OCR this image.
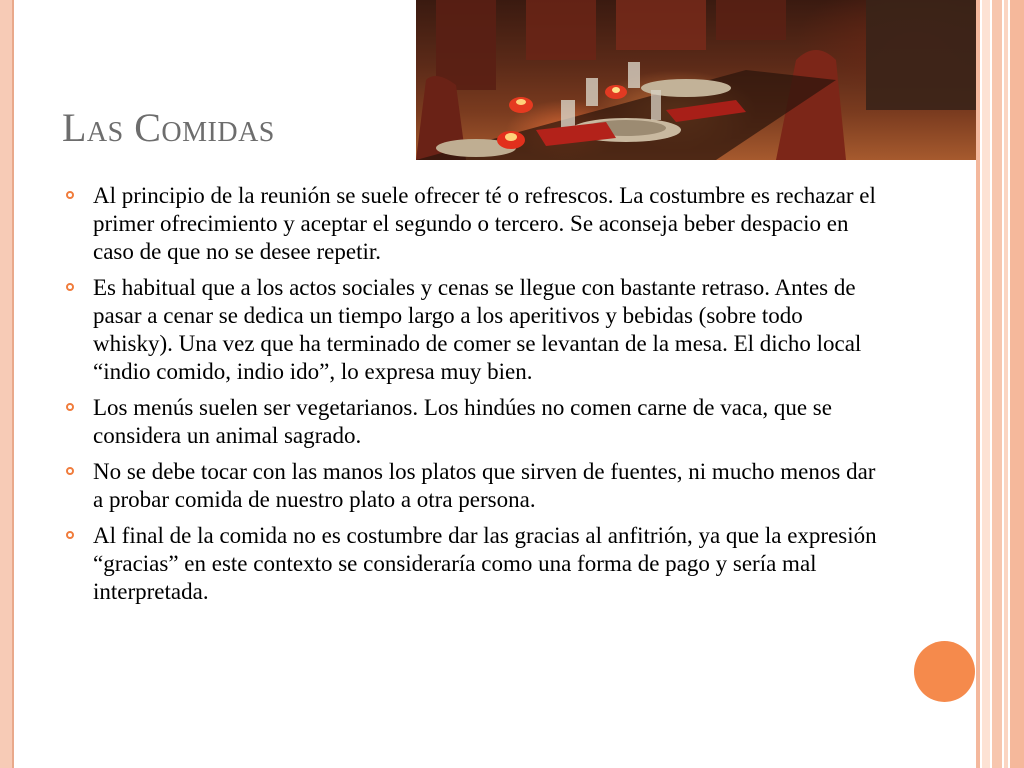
Las Comidas
Al principio de la reunión se suele ofrecer té o refrescos. La costumbre es rechazar el primer ofrecimiento y aceptar el segundo o tercero. Se aconseja beber despacio en caso de que no se desee repetir.
Es habitual que a los actos sociales y cenas se llegue con bastante retraso. Antes de pasar a cenar se dedica un tiempo largo a los aperitivos y bebidas (sobre todo whisky). Una vez que ha terminado de comer se levantan de la mesa. El dicho local “indio comido, indio ido”, lo expresa muy bien.
Los menús suelen ser vegetarianos. Los hindúes no comen carne de vaca, que se considera un animal sagrado.
No se debe tocar con las manos los platos que sirven de fuentes, ni mucho menos dar a probar comida de nuestro plato a otra persona.
Al final de la comida no es costumbre dar las gracias al anfitrión, ya que la expresión “gracias” en este contexto se consideraría como una forma de pago y sería mal interpretada.
